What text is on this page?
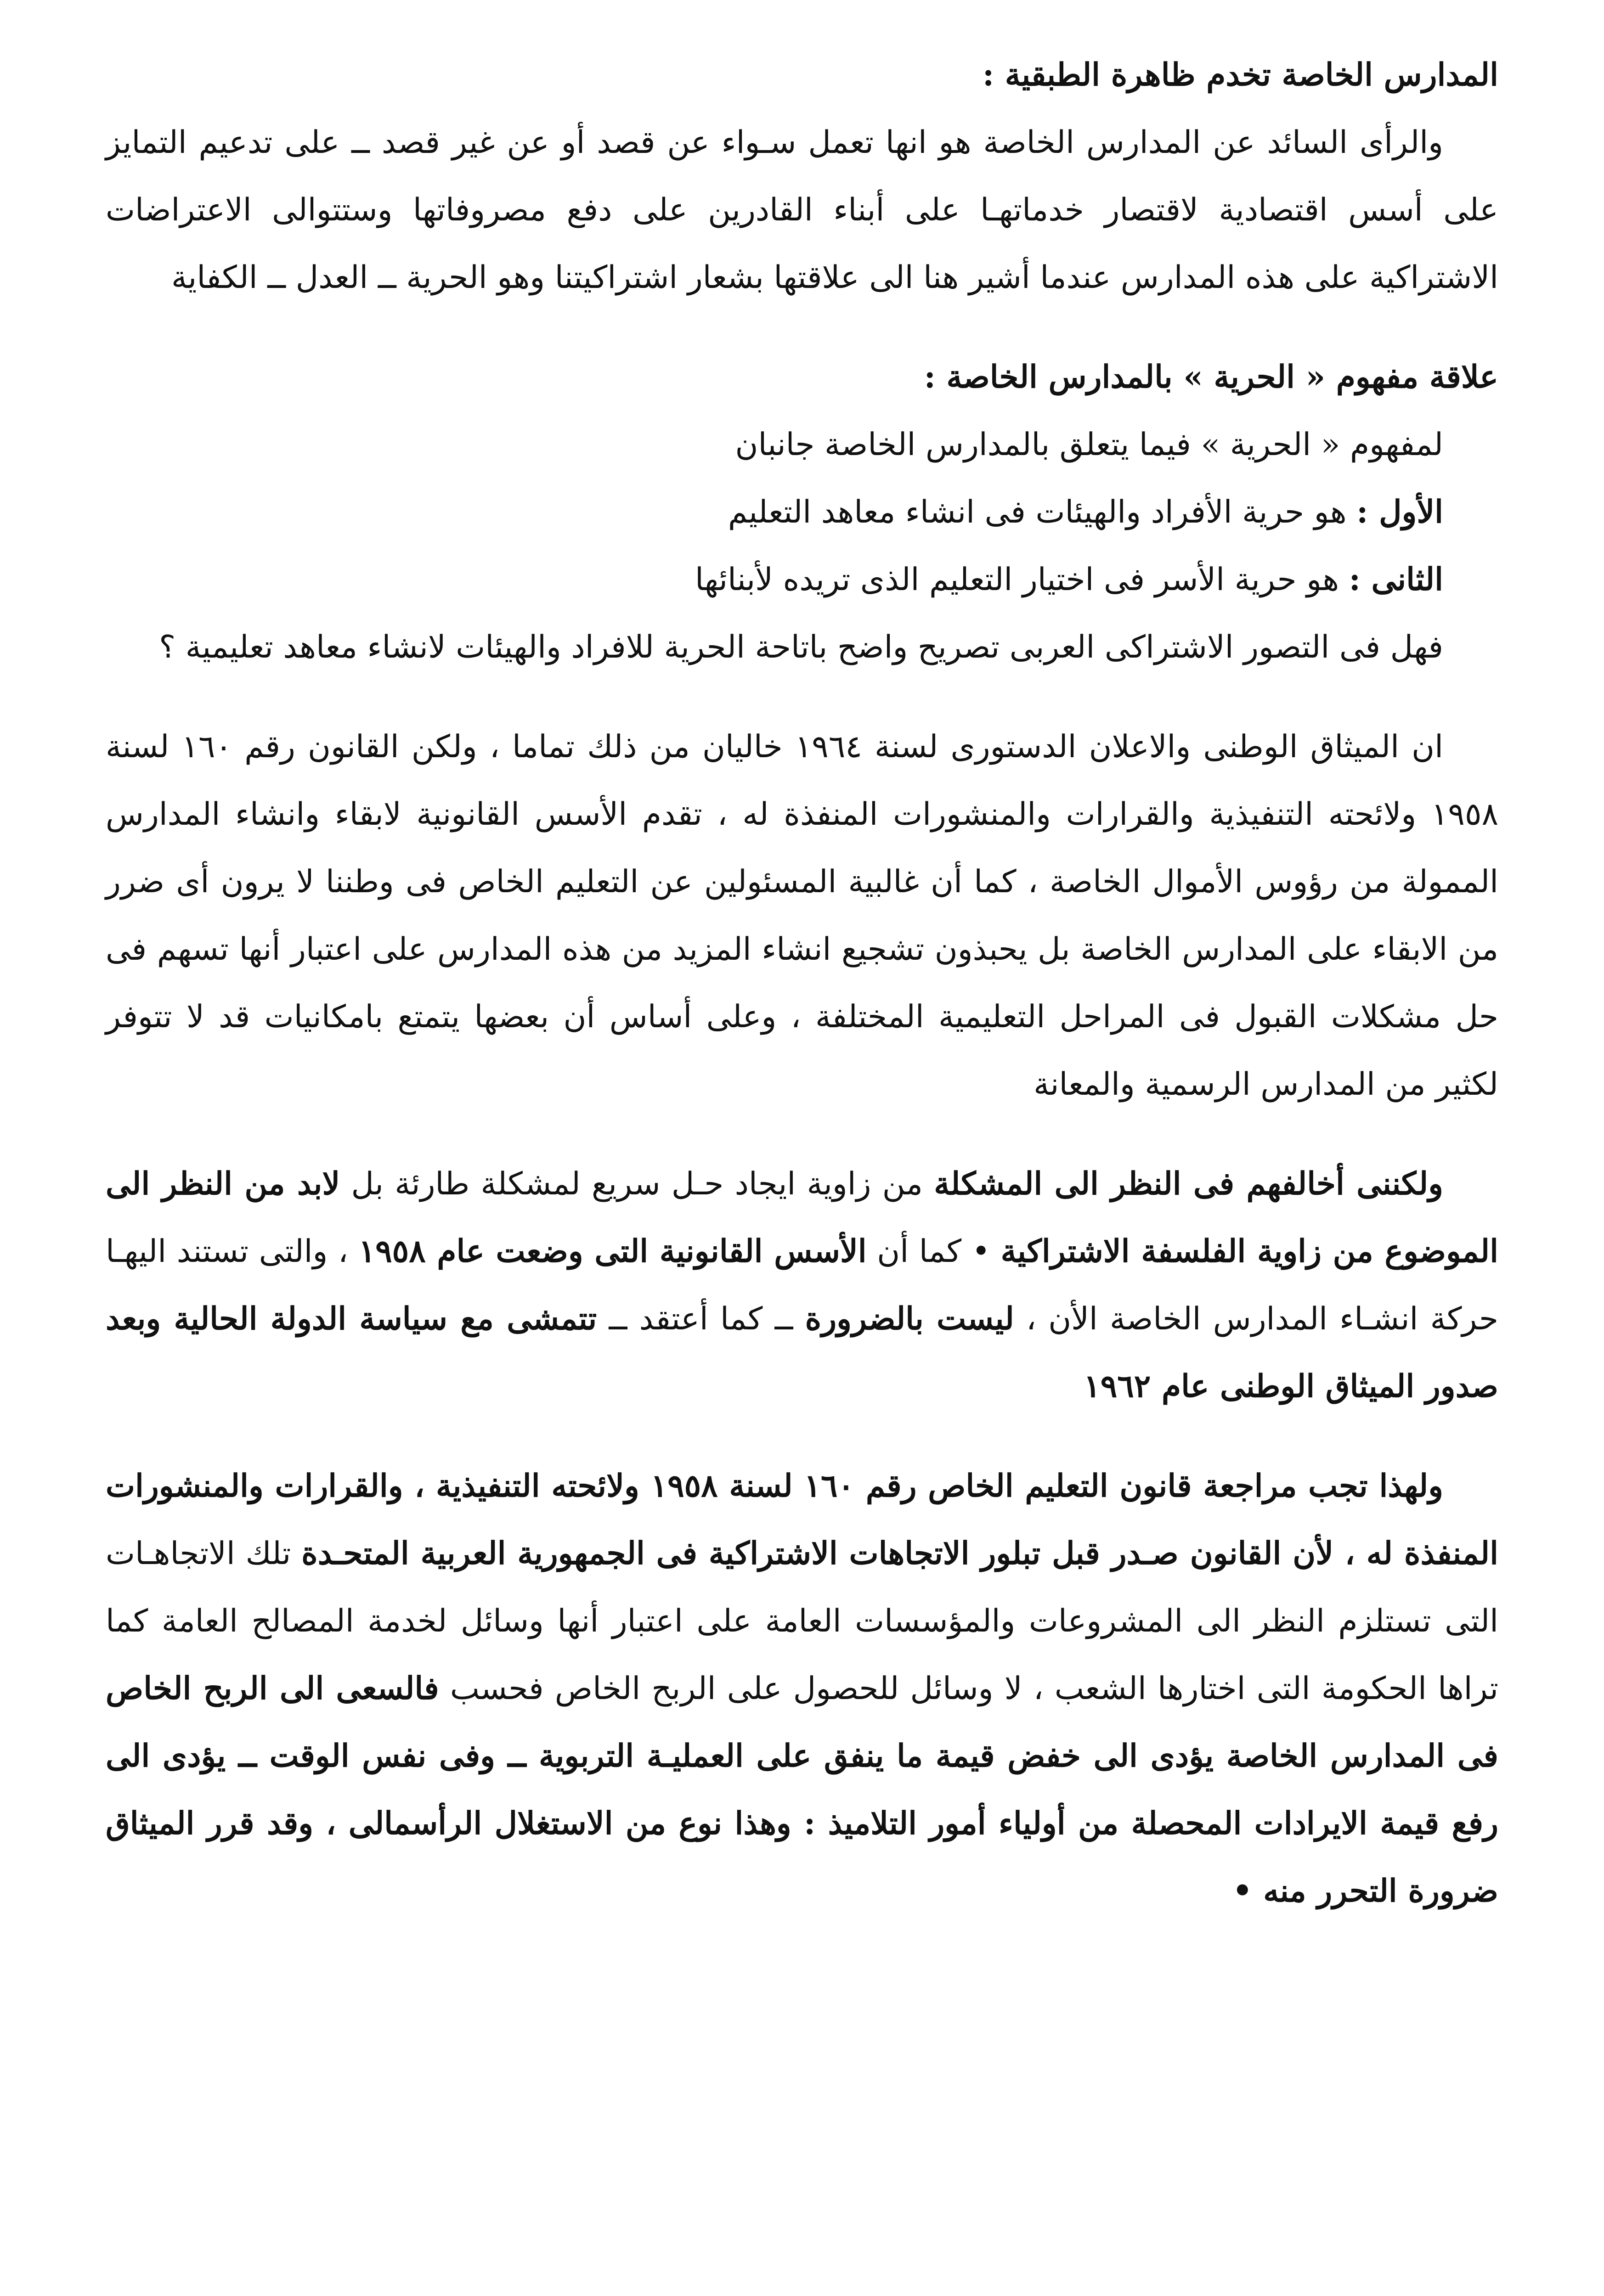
المدارس الخاصة تخدم ظاهرة الطبقية :

والرأى السائد عن المدارس الخاصة هو انها تعمل سـواء عن قصد أو عن غير قصد ــ على تدعيم التمايز على أسس اقتصادية لاقتصار خدماتهـا على أبناء القادرين على دفع مصروفاتها وستتوالى الاعتراضات الاشتراكية على هذه المدارس عندما أشير هنا الى علاقتها بشعار اشتراكيتنا وهو الحرية ــ العدل ــ الكفاية

علاقة مفهوم « الحرية » بالمدارس الخاصة :

لمفهوم « الحرية » فيما يتعلق بالمدارس الخاصة جانبان

الأول : هو حرية الأفراد والهيئات فى انشاء معاهد التعليم

الثانى : هو حرية الأسر فى اختيار التعليم الذى تريده لأبنائها

فهل فى التصور الاشتراكى العربى تصريح واضح باتاحة الحرية للافراد والهيئات لانشاء معاهد تعليمية ؟

ان الميثاق الوطنى والاعلان الدستورى لسنة ١٩٦٤ خاليان من ذلك تماما ، ولكن القانون رقم ١٦٠ لسنة ١٩٥٨ ولائحته التنفيذية والقرارات والمنشورات المنفذة له ، تقدم الأسس القانونية لابقاء وانشاء المدارس الممولة من رؤوس الأموال الخاصة ، كما أن غالبية المسئولين عن التعليم الخاص فى وطننا لا يرون أى ضرر من الابقاء على المدارس الخاصة بل يحبذون تشجيع انشاء المزيد من هذه المدارس على اعتبار أنها تسهم فى حل مشكلات القبول فى المراحل التعليمية المختلفة ، وعلى أساس أن بعضها يتمتع بامكانيات قد لا تتوفر لكثير من المدارس الرسمية والمعانة

ولكننى أخالفهم فى النظر الى المشكلة من زاوية ايجاد حـل سريع لمشكلة طارئة بل لابد من النظر الى الموضوع من زاوية الفلسفة الاشتراكية • كما أن الأسس القانونية التى وضعت عام ١٩٥٨ ، والتى تستند اليهـا حركة انشـاء المدارس الخاصة الأن ، ليست بالضرورة ــ كما أعتقد ــ تتمشى مع سياسة الدولة الحالية وبعد صدور الميثاق الوطنى عام ١٩٦٢

ولهذا تجب مراجعة قانون التعليم الخاص رقم ١٦٠ لسنة ١٩٥٨ ولائحته التنفيذية ، والقرارات والمنشورات المنفذة له ، لأن القانون صـدر قبل تبلور الاتجاهات الاشتراكية فى الجمهورية العربية المتحـدة تلك الاتجاهـات التى تستلزم النظر الى المشروعات والمؤسسات العامة على اعتبار أنها وسائل لخدمة المصالح العامة كما تراها الحكومة التى اختارها الشعب ، لا وسائل للحصول على الربح الخاص فحسب فالسعى الى الربح الخاص فى المدارس الخاصة يؤدى الى خفض قيمة ما ينفق على العمليـة التربوية ــ وفى نفس الوقت ــ يؤدى الى رفع قيمة الايرادات المحصلة من أولياء أمور التلاميذ : وهذا نوع من الاستغلال الرأسمالى ، وقد قرر الميثاق ضرورة التحرر منه •
